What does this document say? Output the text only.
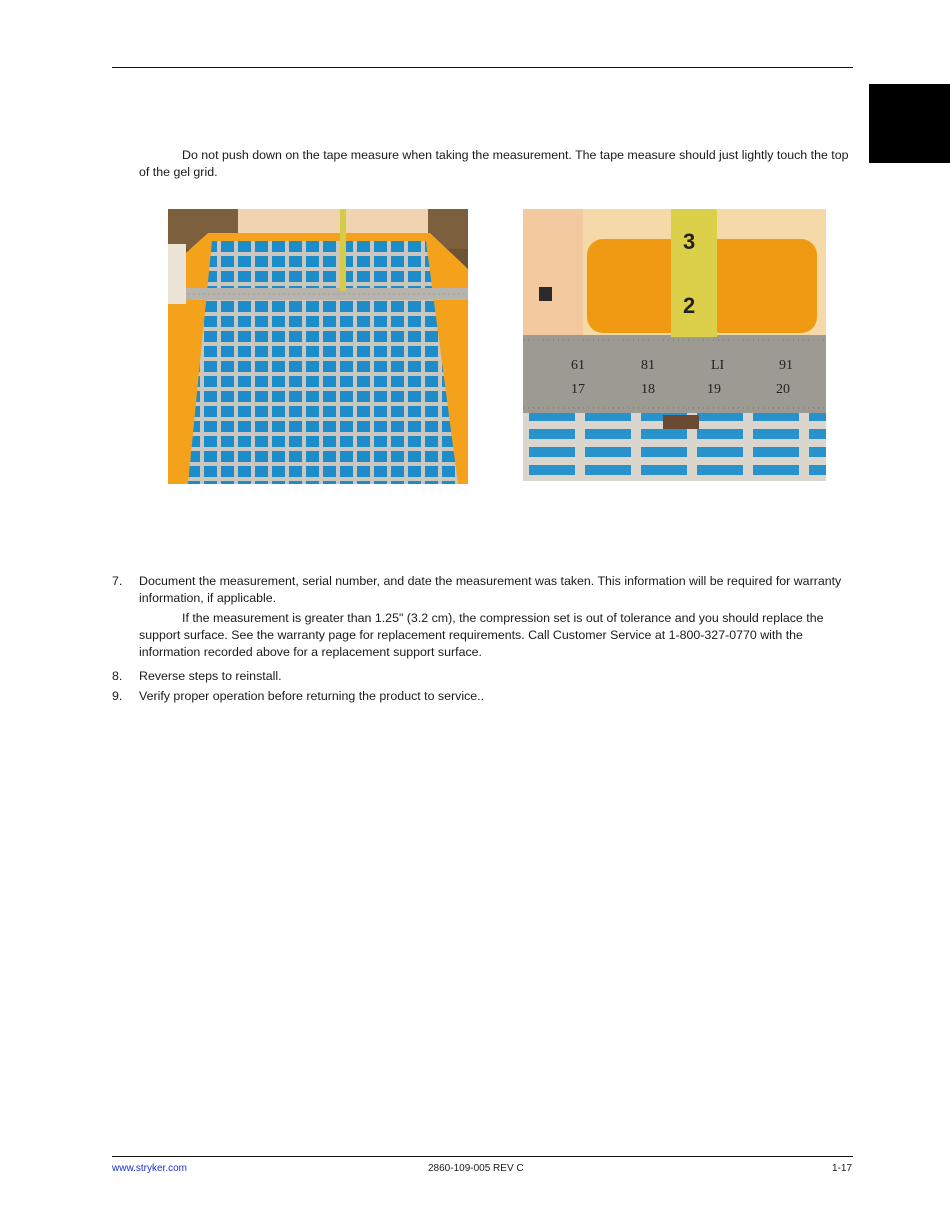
Do not push down on the tape measure when taking the measurement. The tape measure should just lightly touch the top of the gel grid.
3
2
61	81	LI	91
17	18	19	20
7. Document the measurement, serial number, and date the measurement was taken. This information will be required for warranty information, if applicable.
If the measurement is greater than 1.25" (3.2 cm), the compression set is out of tolerance and you should replace the support surface. See the warranty page for replacement requirements. Call Customer Service at 1-800-327-0770 with the information recorded above for a replacement support surface.
8. Reverse steps to reinstall.
9. Verify proper operation before returning the product to service..
www.stryker.com	2860-109-005 REV C	1-17
